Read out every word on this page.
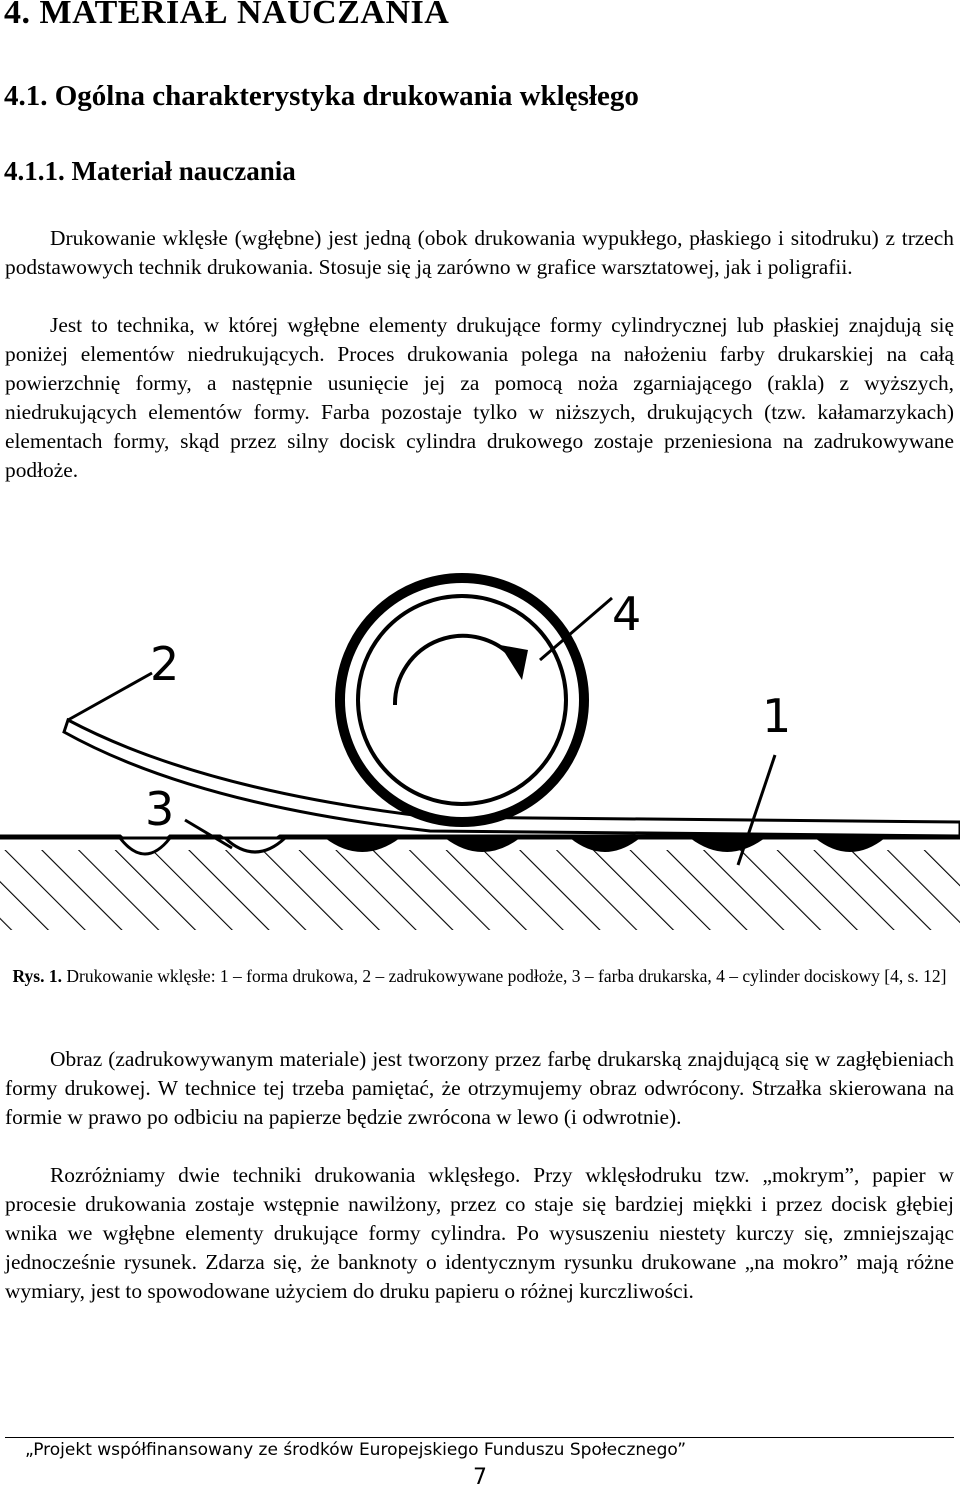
4. MATERIAŁ NAUCZANIA
4.1. Ogólna charakterystyka drukowania wklęsłego
4.1.1. Materiał nauczania

Drukowanie wklęsłe (wgłębne) jest jedną (obok drukowania wypukłego, płaskiego i sitodruku) z trzech podstawowych technik drukowania. Stosuje się ją zarówno w grafice warsztatowej, jak i poligrafii.

Jest to technika, w której wgłębne elementy drukujące formy cylindrycznej lub płaskiej znajdują się poniżej elementów niedrukujących. Proces drukowania polega na nałożeniu farby drukarskiej na całą powierzchnię formy, a następnie usunięcie jej za pomocą noża zgarniającego (rakla) z wyższych, niedrukujących elementów formy. Farba pozostaje tylko w niższych, drukujących (tzw. kałamarzykach) elementach formy, skąd przez silny docisk cylindra drukowego zostaje przeniesiona na zadrukowywane podłoże.

2
3
4
1
Rys. 1. Drukowanie wklęsłe: 1 – forma drukowa, 2 – zadrukowywane podłoże, 3 – farba drukarska, 4 – cylinder dociskowy [4, s. 12]

Obraz (zadrukowywanym materiale) jest tworzony przez farbę drukarską znajdującą się w zagłębieniach formy drukowej. W technice tej trzeba pamiętać, że otrzymujemy obraz odwrócony. Strzałka skierowana na formie w prawo po odbiciu na papierze będzie zwrócona w lewo (i odwrotnie).

Rozróżniamy dwie techniki drukowania wklęsłego. Przy wklęsłodruku tzw. „mokrym”, papier w procesie drukowania zostaje wstępnie nawilżony, przez co staje się bardziej miękki i przez docisk głębiej wnika we wgłębne elementy drukujące formy cylindra. Po wysuszeniu niestety kurczy się, zmniejszając jednocześnie rysunek. Zdarza się, że banknoty o identycznym rysunku drukowane „na mokro” mają różne wymiary, jest to spowodowane użyciem do druku papieru o różnej kurczliwości.

„Projekt współfinansowany ze środków Europejskiego Funduszu Społecznego”
7
